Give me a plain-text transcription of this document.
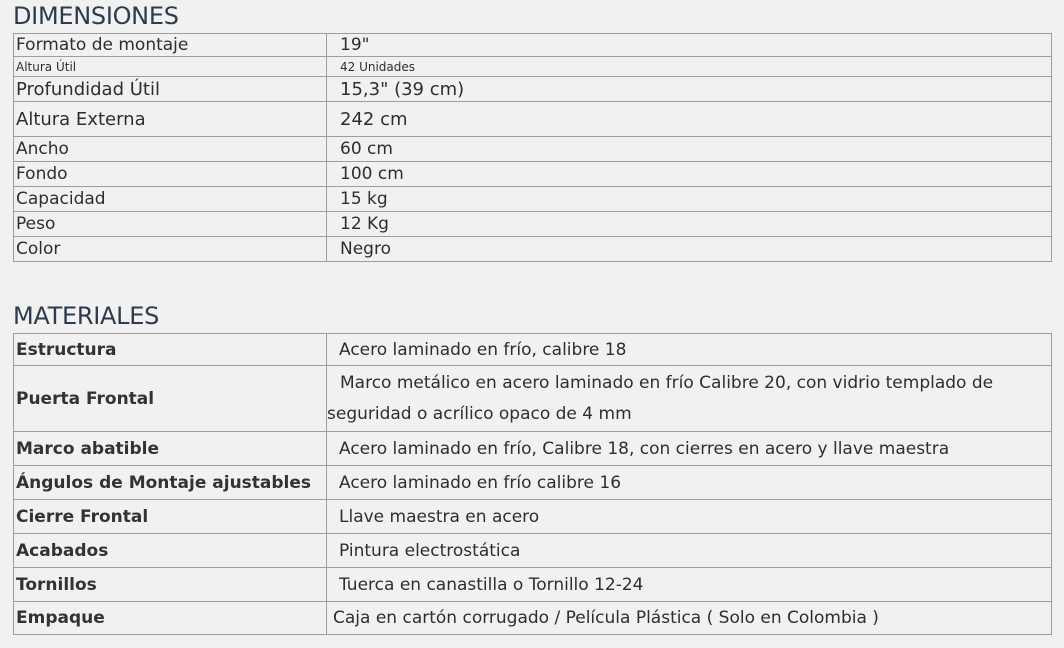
DIMENSIONES
Formato de montaje	19"
Altura Útil	42 Unidades
Profundidad Útil	15,3" (39 cm)
Altura Externa	242 cm
Ancho	60 cm
Fondo	100 cm
Capacidad	15 kg
Peso	12 Kg
Color	Negro
MATERIALES
Estructura	Acero laminado en frío, calibre 18
Puerta Frontal	Marco metálico en acero laminado en frío Calibre 20, con vidrio templado de seguridad o acrílico opaco de 4 mm
Marco abatible	Acero laminado en frío, Calibre 18, con cierres en acero y llave maestra
Ángulos de Montaje ajustables	Acero laminado en frío calibre 16
Cierre Frontal	Llave maestra en acero
Acabados	Pintura electrostática
Tornillos	Tuerca en canastilla o Tornillo 12-24
Empaque	Caja en cartón corrugado / Película Plástica ( Solo en Colombia )
